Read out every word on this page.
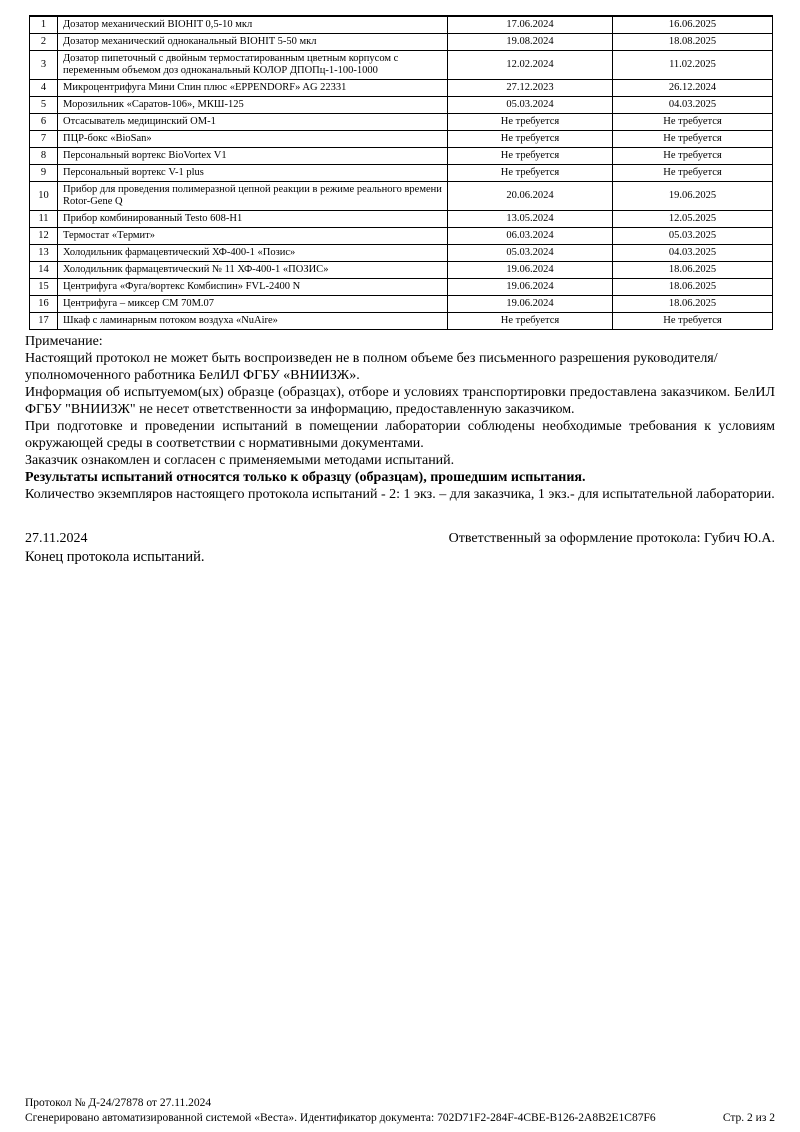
1	Дозатор механический BIOHIT 0,5-10 мкл	17.06.2024	16.06.2025
2	Дозатор механический одноканальный BIOHIT 5-50 мкл	19.08.2024	18.08.2025
3	Дозатор пипеточный с двойным термостатированным цветным корпусом с переменным объемом доз одноканальный КОЛОР ДПОПц-1-100-1000	12.02.2024	11.02.2025
4	Микроцентрифуга Мини Спин плюс «EPPENDORF» AG 22331	27.12.2023	26.12.2024
5	Морозильник «Саратов-106», МКШ-125	05.03.2024	04.03.2025
6	Отсасыватель медицинский ОМ-1	Не требуется	Не требуется
7	ПЦР-бокс «BioSan»	Не требуется	Не требуется
8	Персональный вортекс BioVortex V1	Не требуется	Не требуется
9	Персональный вортекс V-1 plus	Не требуется	Не требуется
10	Прибор для проведения полимеразной цепной реакции в режиме реального времени Rotor-Gene Q	20.06.2024	19.06.2025
11	Прибор комбинированный Testo 608-H1	13.05.2024	12.05.2025
12	Термостат «Термит»	06.03.2024	05.03.2025
13	Холодильник фармацевтический ХФ-400-1 «Позис»	05.03.2024	04.03.2025
14	Холодильник фармацевтический № 11 ХФ-400-1 «ПОЗИС»	19.06.2024	18.06.2025
15	Центрифуга «Фуга/вортекс Комбиспин» FVL-2400 N	19.06.2024	18.06.2025
16	Центрифуга – миксер СМ 70М.07	19.06.2024	18.06.2025
17	Шкаф с ламинарным потоком воздуха «NuAire»	Не требуется	Не требуется

Примечание:

Настоящий протокол не может быть воспроизведен не в полном объеме без письменного разрешения руководителя/уполномоченного работника БелИЛ ФГБУ «ВНИИЗЖ».

Информация об испытуемом(ых) образце (образцах), отборе и условиях транспортировки предоставлена заказчиком. БелИЛ ФГБУ "ВНИИЗЖ" не несет ответственности за информацию, предоставленную заказчиком.

При подготовке и проведении испытаний в помещении лаборатории соблюдены необходимые требования к условиям окружающей среды в соответствии с нормативными документами.

Заказчик ознакомлен и согласен с применяемыми методами испытаний.

Результаты испытаний относятся только к образцу (образцам), прошедшим испытания.

Количество экземпляров настоящего протокола испытаний - 2: 1 экз. – для заказчика, 1 экз.- для испытательной лаборатории.

27.11.2024	Ответственный за оформление протокола: Губич Ю.А.
Конец протокола испытаний.
Протокол № Д-24/27878 от 27.11.2024
Сгенерировано автоматизированной системой «Веста». Идентификатор документа: 702D71F2-284F-4CBE-B126-2A8B2E1C87F6	Стр. 2 из 2
